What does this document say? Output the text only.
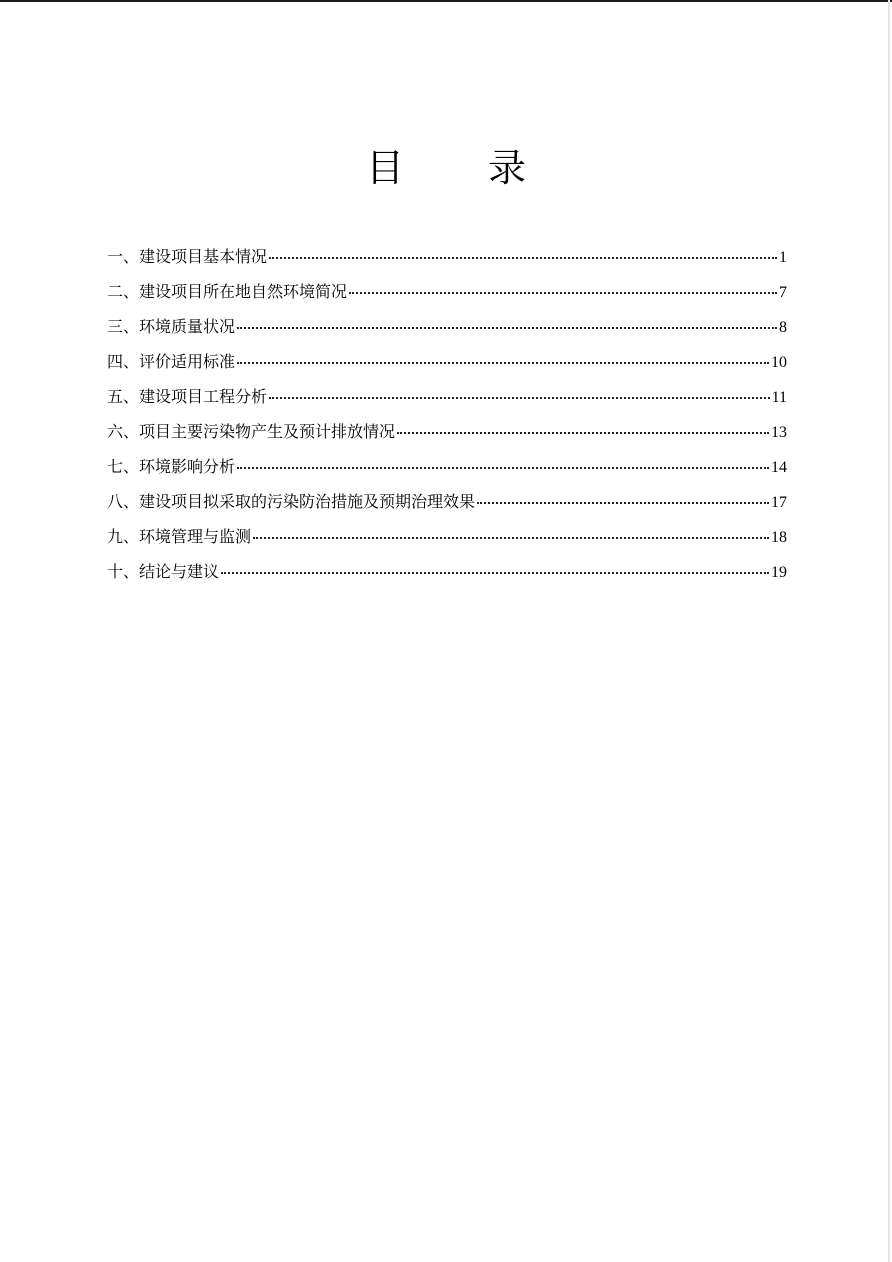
目 录
一、建设项目基本情况	1
二、建设项目所在地自然环境简况	7
三、环境质量状况	8
四、评价适用标准	10
五、建设项目工程分析	11
六、项目主要污染物产生及预计排放情况	13
七、环境影响分析	14
八、建设项目拟采取的污染防治措施及预期治理效果	17
九、环境管理与监测	18
十、结论与建议	19
